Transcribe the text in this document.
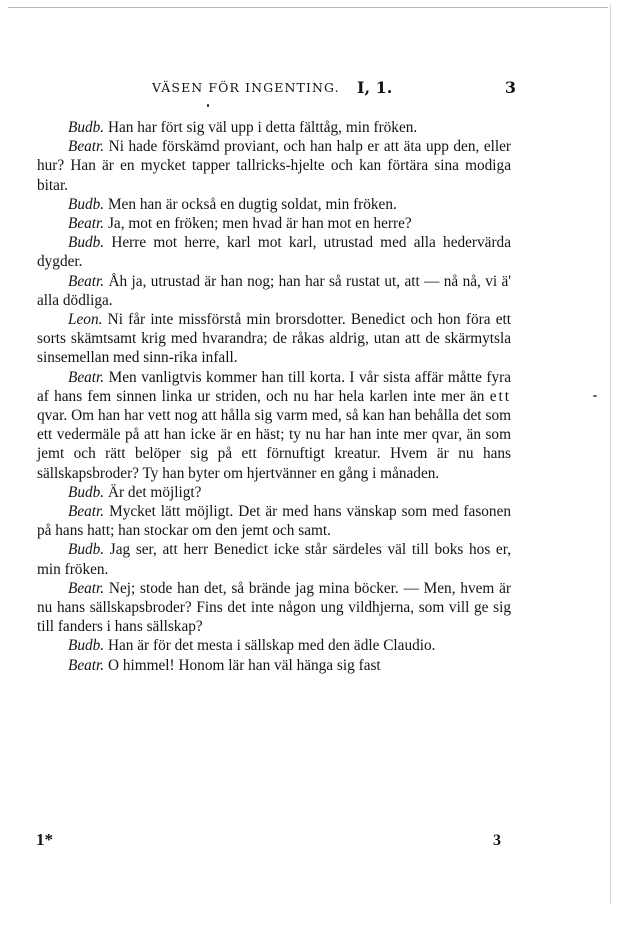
VÄSEN FÖR INGENTING. I, 1.	3

Budb. Han har fört sig väl upp i detta fälttåg, min fröken.

Beatr. Ni hade förskämd proviant, och han halp er att äta upp den, eller hur? Han är en mycket tapper tallricks-hjelte och kan förtära sina modiga bitar.

Budb. Men han är också en dugtig soldat, min fröken.

Beatr. Ja, mot en fröken; men hvad är han mot en herre?

Budb. Herre mot herre, karl mot karl, utrustad med alla hedervärda dygder.

Beatr. Åh ja, utrustad är han nog; han har så rustat ut, att — nå nå, vi ä' alla dödliga.

Leon. Ni får inte missförstå min brorsdotter. Benedict och hon föra ett sorts skämtsamt krig med hvarandra; de råkas aldrig, utan att de skärmytsla sinsemellan med sinn-rika infall.

Beatr. Men vanligtvis kommer han till korta. I vår sista affär måtte fyra af hans fem sinnen linka ur striden, och nu har hela karlen inte mer än ett qvar. Om han har vett nog att hålla sig varm med, så kan han behålla det som ett vedermäle på att han icke är en häst; ty nu har han inte mer qvar, än som jemt och rätt belöper sig på ett förnuftigt kreatur. Hvem är nu hans sällskapsbroder? Ty han byter om hjertvänner en gång i månaden.

Budb. Är det möjligt?

Beatr. Mycket lätt möjligt. Det är med hans vänskap som med fasonen på hans hatt; han stockar om den jemt och samt.

Budb. Jag ser, att herr Benedict icke står särdeles väl till boks hos er, min fröken.

Beatr. Nej; stode han det, så brände jag mina böcker. — Men, hvem är nu hans sällskapsbroder? Fins det inte någon ung vildhjerna, som vill ge sig till fanders i hans sällskap?

Budb. Han är för det mesta i sällskap med den ädle Claudio.

Beatr. O himmel! Honom lär han väl hänga sig fast

1*	3
